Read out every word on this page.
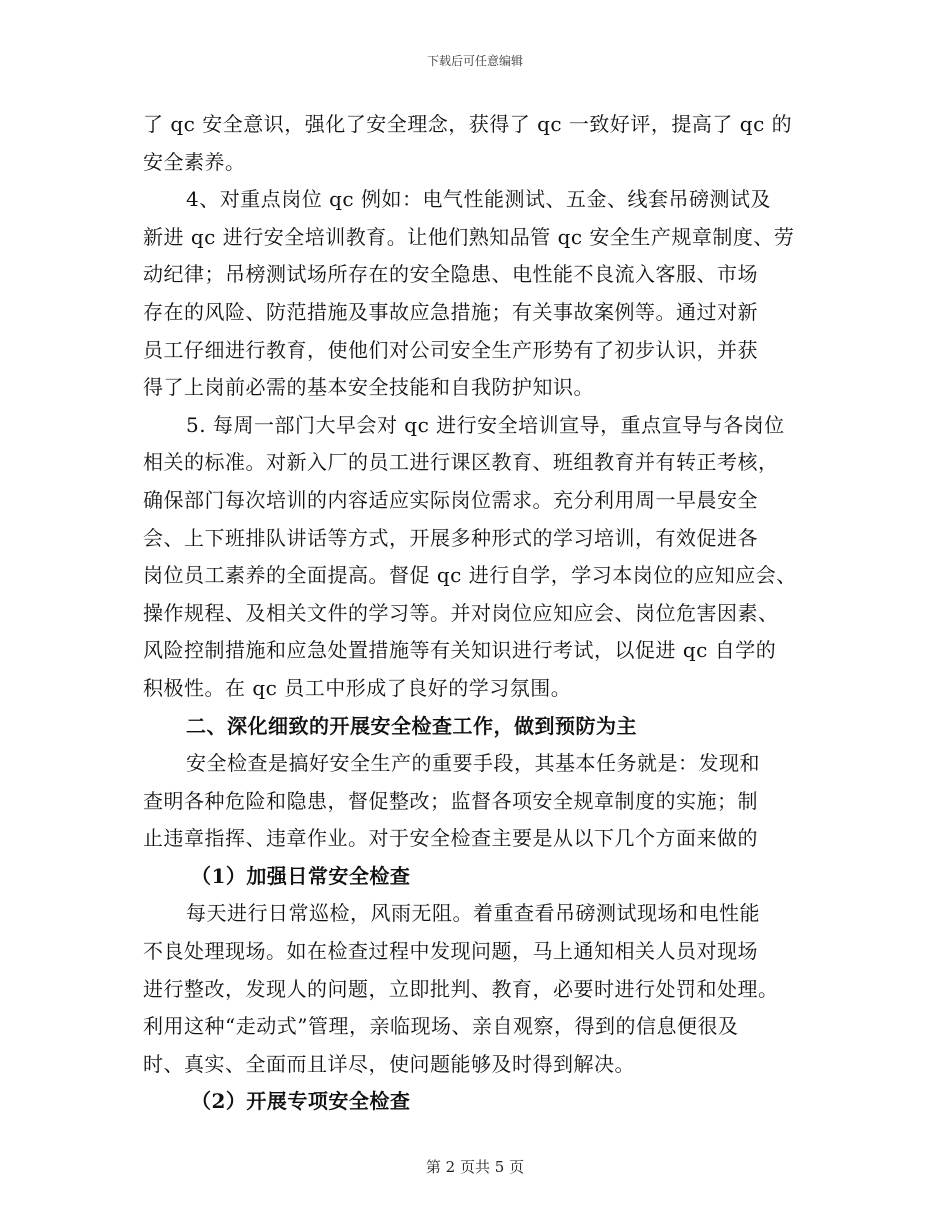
下载后可任意编辑
了 qc 安全意识，强化了安全理念，获得了 qc 一致好评，提高了 qc 的
安全素养。
4、对重点岗位 qc 例如：电气性能测试、五金、线套吊磅测试及
新进 qc 进行安全培训教育。让他们熟知品管 qc 安全生产规章制度、劳
动纪律；吊榜测试场所存在的安全隐患、电性能不良流入客服、市场
存在的风险、防范措施及事故应急措施；有关事故案例等。通过对新
员工仔细进行教育，使他们对公司安全生产形势有了初步认识，并获
得了上岗前必需的基本安全技能和自我防护知识。
5. 每周一部门大早会对 qc 进行安全培训宣导，重点宣导与各岗位
相关的标准。对新入厂的员工进行课区教育、班组教育并有转正考核，
确保部门每次培训的内容适应实际岗位需求。充分利用周一早晨安全
会、上下班排队讲话等方式，开展多种形式的学习培训，有效促进各
岗位员工素养的全面提高。督促 qc 进行自学，学习本岗位的应知应会、
操作规程、及相关文件的学习等。并对岗位应知应会、岗位危害因素、
风险控制措施和应急处置措施等有关知识进行考试，以促进 qc 自学的
积极性。在 qc 员工中形成了良好的学习氛围。
二、深化细致的开展安全检查工作，做到预防为主
安全检查是搞好安全生产的重要手段，其基本任务就是：发现和
查明各种危险和隐患，督促整改；监督各项安全规章制度的实施；制
止违章指挥、违章作业。对于安全检查主要是从以下几个方面来做的
（1）加强日常安全检查
每天进行日常巡检，风雨无阻。着重查看吊磅测试现场和电性能
不良处理现场。如在检查过程中发现问题，马上通知相关人员对现场
进行整改，发现人的问题，立即批判、教育，必要时进行处罚和处理。
利用这种“走动式”管理，亲临现场、亲自观察，得到的信息便很及
时、真实、全面而且详尽，使问题能够及时得到解决。
（2）开展专项安全检查
第 2 页共 5 页
